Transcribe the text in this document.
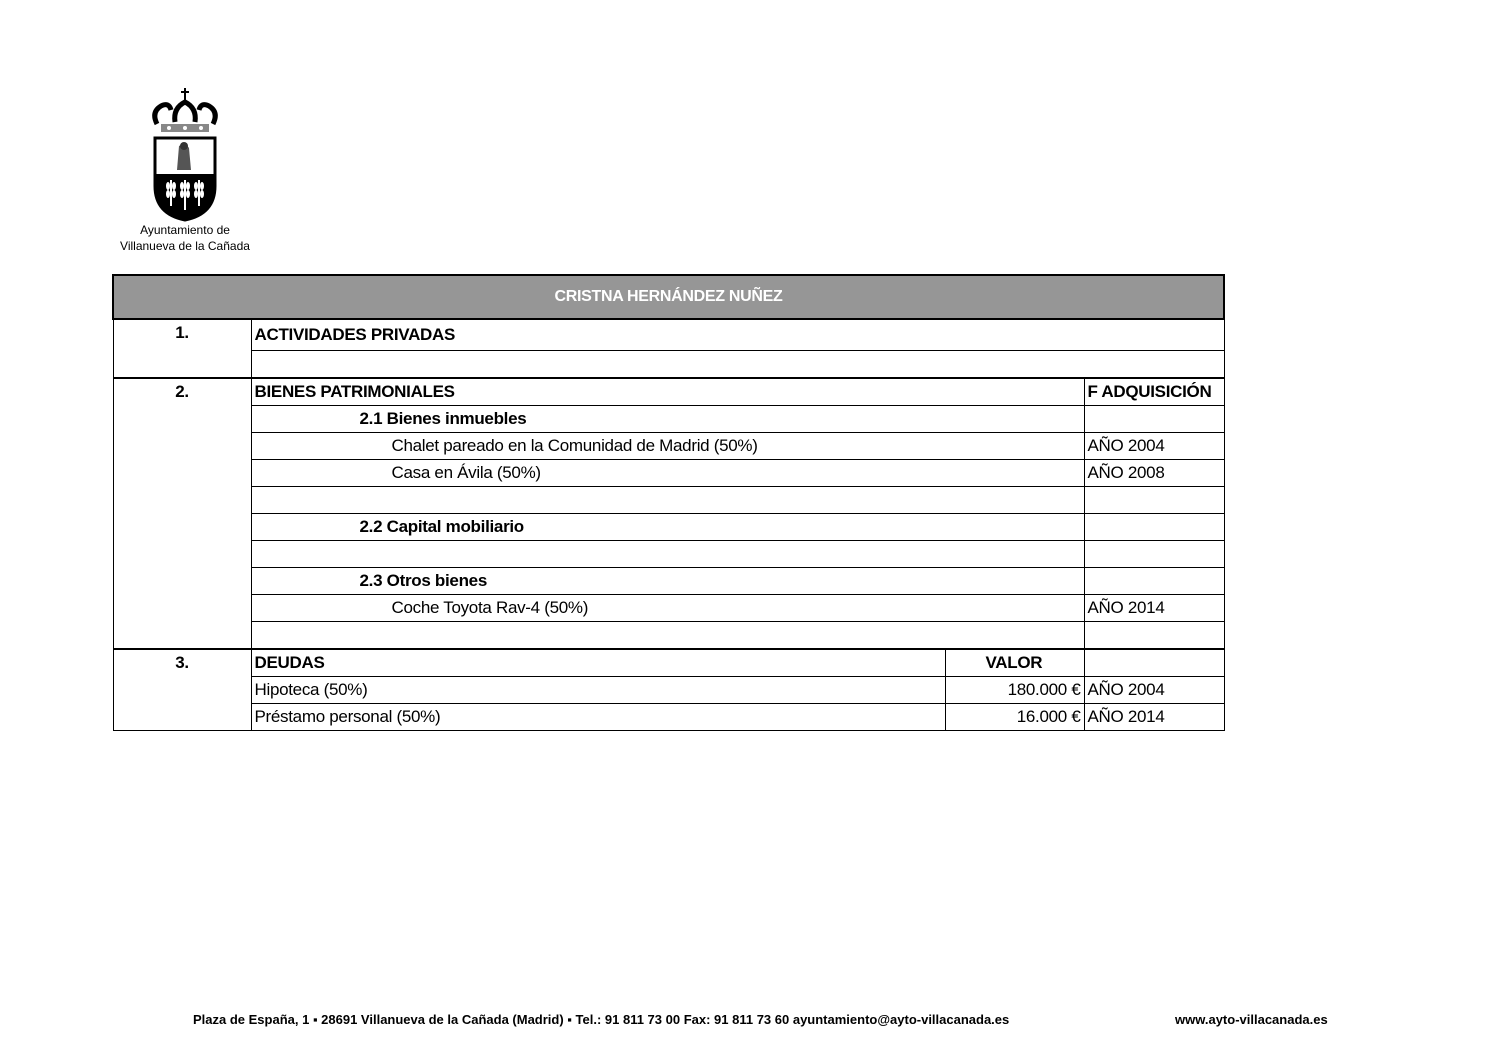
Ayuntamiento de
Villanueva de la Cañada
CRISTNA HERNÁNDEZ NUÑEZ			
1.	ACTIVIDADES PRIVADAS		

2.	BIENES PATRIMONIALES		F ADQUISICIÓN
	2.1 Bienes inmuebles		
	Chalet pareado en la Comunidad de Madrid (50%)		AÑO 2004
	Casa en Ávila (50%)		AÑO 2008

	2.2 Capital mobiliario		

	2.3 Otros bienes		
	Coche Toyota Rav-4 (50%)		AÑO 2014

3.	DEUDAS	VALOR	
	Hipoteca (50%)	180.000 €	AÑO 2004
	Préstamo personal (50%)	16.000 €	AÑO 2014
Plaza de España, 1 ▪ 28691 Villanueva de la Cañada (Madrid) ▪ Tel.: 91 811 73 00 Fax: 91 811 73 60 ayuntamiento@ayto-villacanada.es	www.ayto-villacanada.es
